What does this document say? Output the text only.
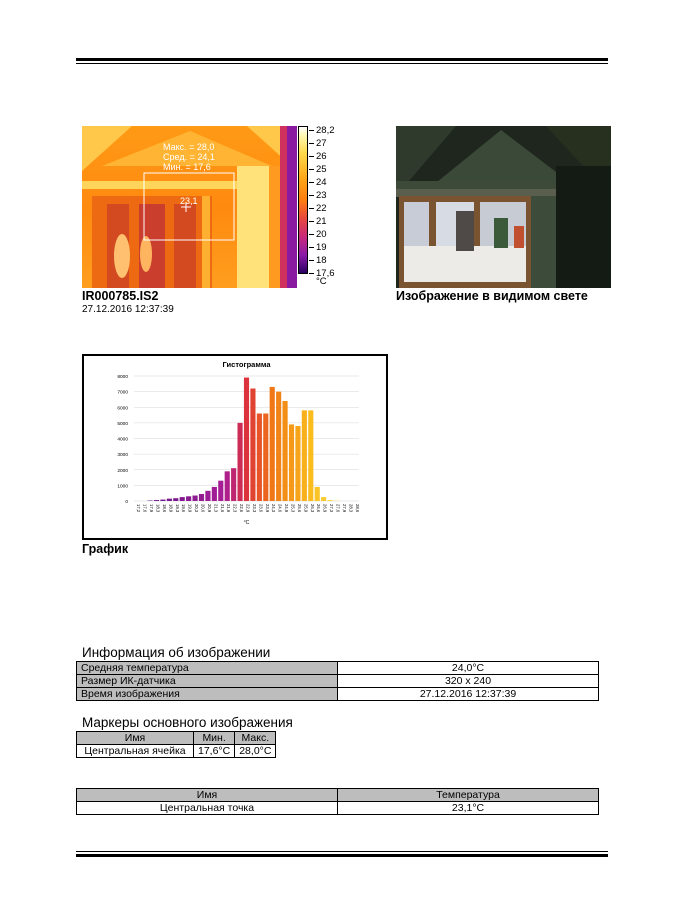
Макс. = 28,0
Сред. = 24,1
Мин. = 17,6
23,1
28,2
27
26
25
24
23
22
21
20
19
18
17,6
°C
IR000785.IS2
27.12.2016 12:37:39
Изображение в видимом свете
Гистограмма
0
1000
2000
3000
4000
5000
6000
7000
8000
17,2 17,6 17,9 18,3 18,6 18,9 19,3 19,6 19,9 20,3 20,6 20,9 21,3 21,6 21,9 22,3 22,6 22,9 23,3 23,6 23,9 24,3 24,6 24,9 25,3 25,6 25,9 26,3 26,6 26,9 27,3 27,6 27,9 28,3 28,6
°C
График
Информация об изображении
Средняя температура	24,0°C
Размер ИК-датчика	320 x 240
Время изображения	27.12.2016 12:37:39
Маркеры основного изображения
Имя	Мин.	Макс.
Центральная ячейка	17,6°C	28,0°C
Имя	Температура
Центральная точка	23,1°C
